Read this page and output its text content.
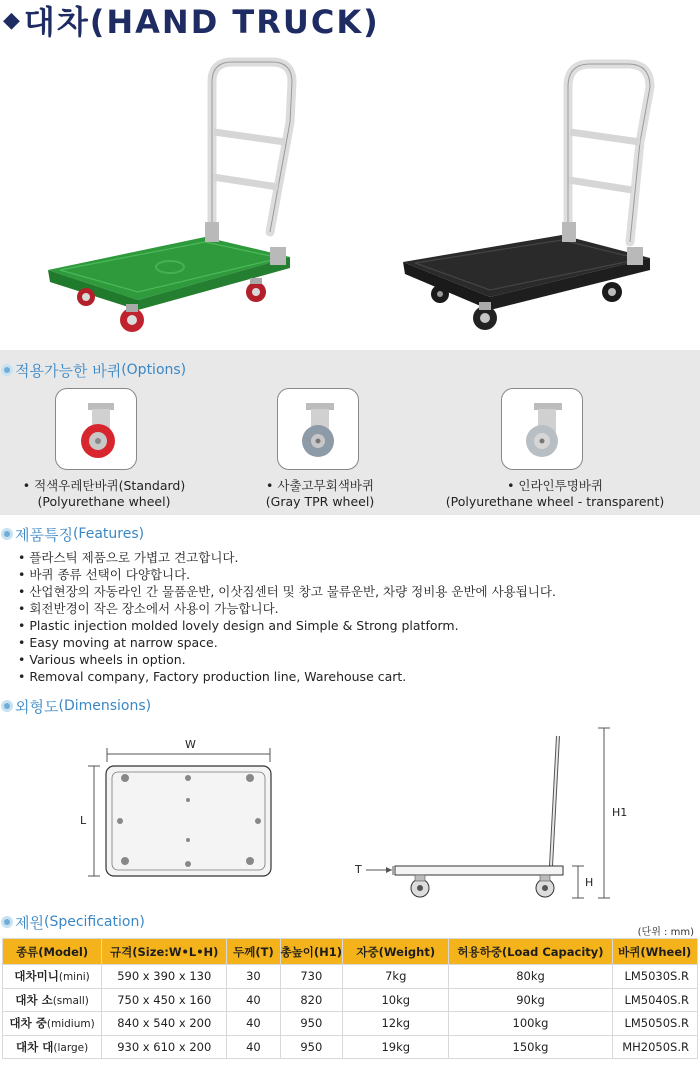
◆ 대차(HAND TRUCK)
적용가능한 바퀴 (Options)
• 적색우레탄바퀴(Standard)
(Polyurethane wheel)
• 사출고무회색바퀴
(Gray TPR wheel)
• 인라인투명바퀴
(Polyurethane wheel - transparent)
제품특징 (Features)
• 플라스틱 제품으로 가볍고 견고합니다.
• 바퀴 종류 선택이 다양합니다.
• 산업현장의 자동라인 간 물품운반, 이삿짐센터 및 창고 물류운반, 차량 정비용 운반에 사용됩니다.
• 회전반경이 작은 장소에서 사용이 가능합니다.
• Plastic injection molded lovely design and Simple & Strong platform.
• Easy moving at narrow space.
• Various wheels in option.
• Removal company, Factory production line, Warehouse cart.
외형도 (Dimensions)
W
L
H1
T
H
제원 (Specification)
(단위 : mm)
종류(Model)	규격(Size:W•L•H)	두께(T)	총높이(H1)	자중(Weight)	허용하중(Load Capacity)	바퀴(Wheel)
대차미니(mini)	590 x 390 x 130	30	730	7kg	80kg	LM5030S.R
대차 소(small)	750 x 450 x 160	40	820	10kg	90kg	LM5040S.R
대차 중(midium)	840 x 540 x 200	40	950	12kg	100kg	LM5050S.R
대차 대(large)	930 x 610 x 200	40	950	19kg	150kg	MH2050S.R
